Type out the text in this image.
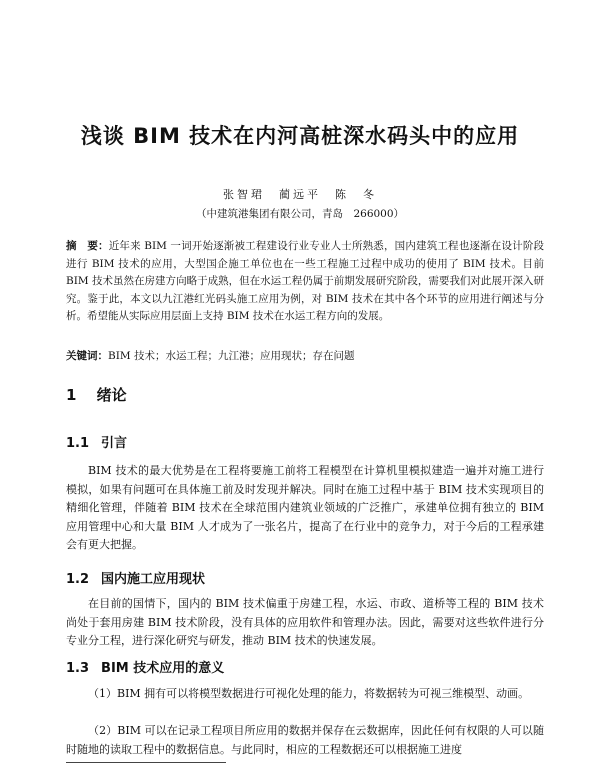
浅谈 BIM 技术在内河高桩深水码头中的应用
张智珺　蔺远平　陈　冬
（中建筑港集团有限公司，青岛　266000）
摘　要：近年来 BIM 一词开始逐渐被工程建设行业专业人士所熟悉，国内建筑工程也逐渐在设计阶段进行 BIM 技术的应用，大型国企施工单位也在一些工程施工过程中成功的使用了 BIM 技术。目前 BIM 技术虽然在房建方向略于成熟，但在水运工程仍属于前期发展研究阶段，需要我们对此展开深入研究。鉴于此，本文以九江港红光码头施工应用为例，对 BIM 技术在其中各个环节的应用进行阐述与分析。希望能从实际应用层面上支持 BIM 技术在水运工程方向的发展。
关键词：BIM 技术；水运工程；九江港；应用现状；存在问题
1　 绪论
1.1 引言
BIM 技术的最大优势是在工程将要施工前将工程模型在计算机里模拟建造一遍并对施工进行模拟，如果有问题可在具体施工前及时发现并解决。同时在施工过程中基于 BIM 技术实现项目的精细化管理，伴随着 BIM 技术在全球范围内建筑业领域的广泛推广，承建单位拥有独立的 BIM 应用管理中心和大量 BIM 人才成为了一张名片，提高了在行业中的竞争力，对于今后的工程承建会有更大把握。
1.2 国内施工应用现状
在目前的国情下，国内的 BIM 技术偏重于房建工程，水运、市政、道桥等工程的 BIM 技术尚处于套用房建 BIM 技术阶段，没有具体的应用软件和管理办法。因此，需要对这些软件进行分专业分工程，进行深化研究与研发，推动 BIM 技术的快速发展。
1.3 BIM 技术应用的意义
（1）BIM 拥有可以将模型数据进行可视化处理的能力，将数据转为可视三维模型、动画。
（2）BIM 可以在记录工程项目所应用的数据并保存在云数据库，因此任何有权限的人可以随时随地的读取工程中的数据信息。与此同时，相应的工程数据还可以根据施工进度
